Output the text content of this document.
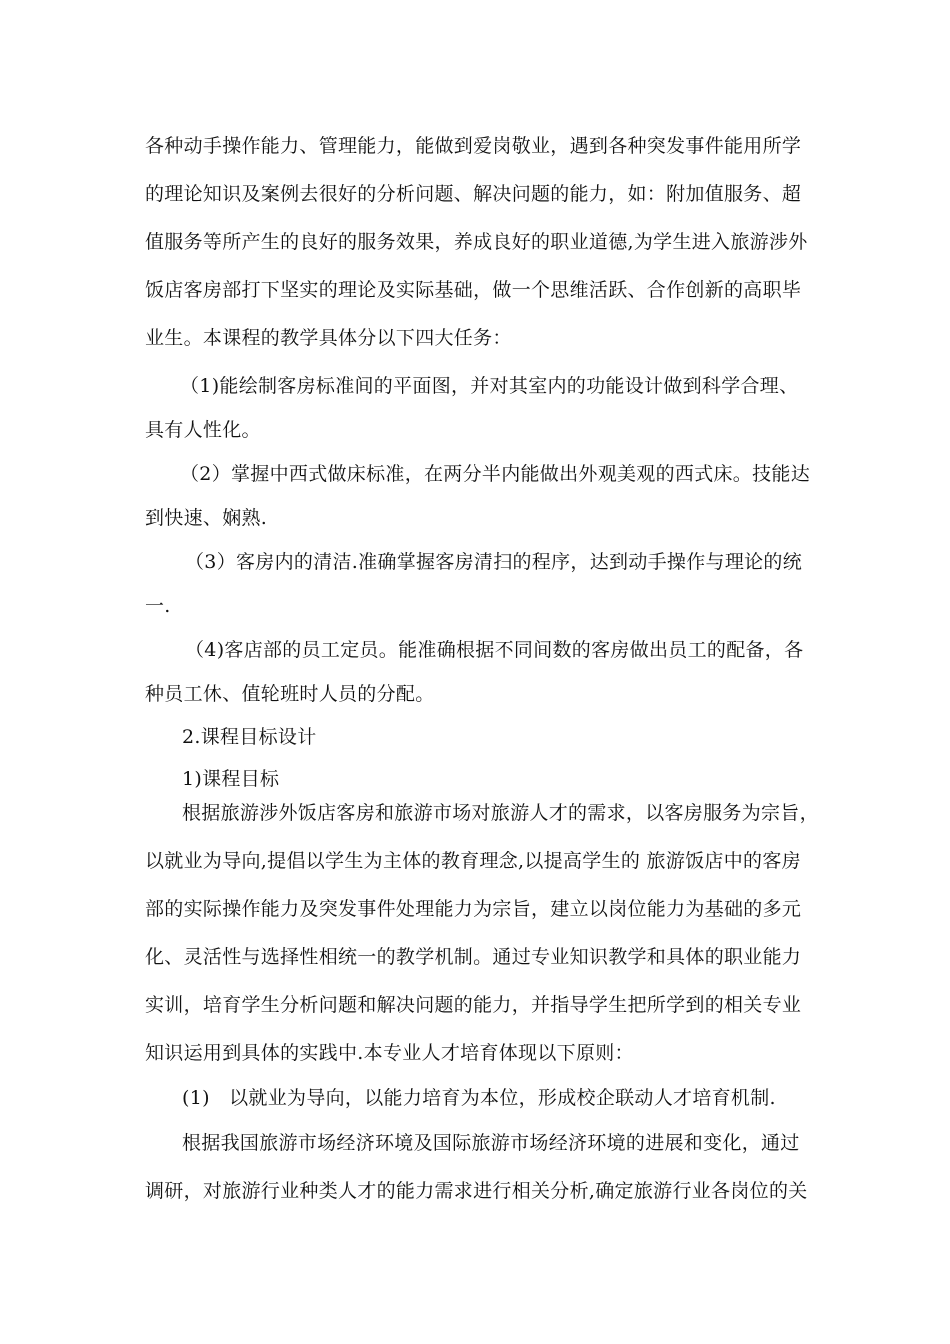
各种动手操作能力、管理能力，能做到爱岗敬业，遇到各种突发事件能用所学
的理论知识及案例去很好的分析问题、解决问题的能力，如：附加值服务、超
值服务等所产生的良好的服务效果，养成良好的职业道德,为学生进入旅游涉外
饭店客房部打下坚实的理论及实际基础，做一个思维活跃、合作创新的高职毕
业生。本课程的教学具体分以下四大任务：
（1)能绘制客房标准间的平面图，并对其室内的功能设计做到科学合理、
具有人性化。
（2）掌握中西式做床标准，在两分半内能做出外观美观的西式床。技能达
到快速、娴熟.
（3）客房内的清洁.准确掌握客房清扫的程序，达到动手操作与理论的统
一.
（4)客店部的员工定员。能准确根据不同间数的客房做出员工的配备，各
种员工休、值轮班时人员的分配。
2.课程目标设计
1)课程目标
根据旅游涉外饭店客房和旅游市场对旅游人才的需求，以客房服务为宗旨，
以就业为导向,提倡以学生为主体的教育理念,以提高学生的 旅游饭店中的客房
部的实际操作能力及突发事件处理能力为宗旨，建立以岗位能力为基础的多元
化、灵活性与选择性相统一的教学机制。通过专业知识教学和具体的职业能力
实训，培育学生分析问题和解决问题的能力，并指导学生把所学到的相关专业
知识运用到具体的实践中.本专业人才培育体现以下原则：
(1)　以就业为导向，以能力培育为本位，形成校企联动人才培育机制.
根据我国旅游市场经济环境及国际旅游市场经济环境的进展和变化，通过
调研，对旅游行业种类人才的能力需求进行相关分析,确定旅游行业各岗位的关
